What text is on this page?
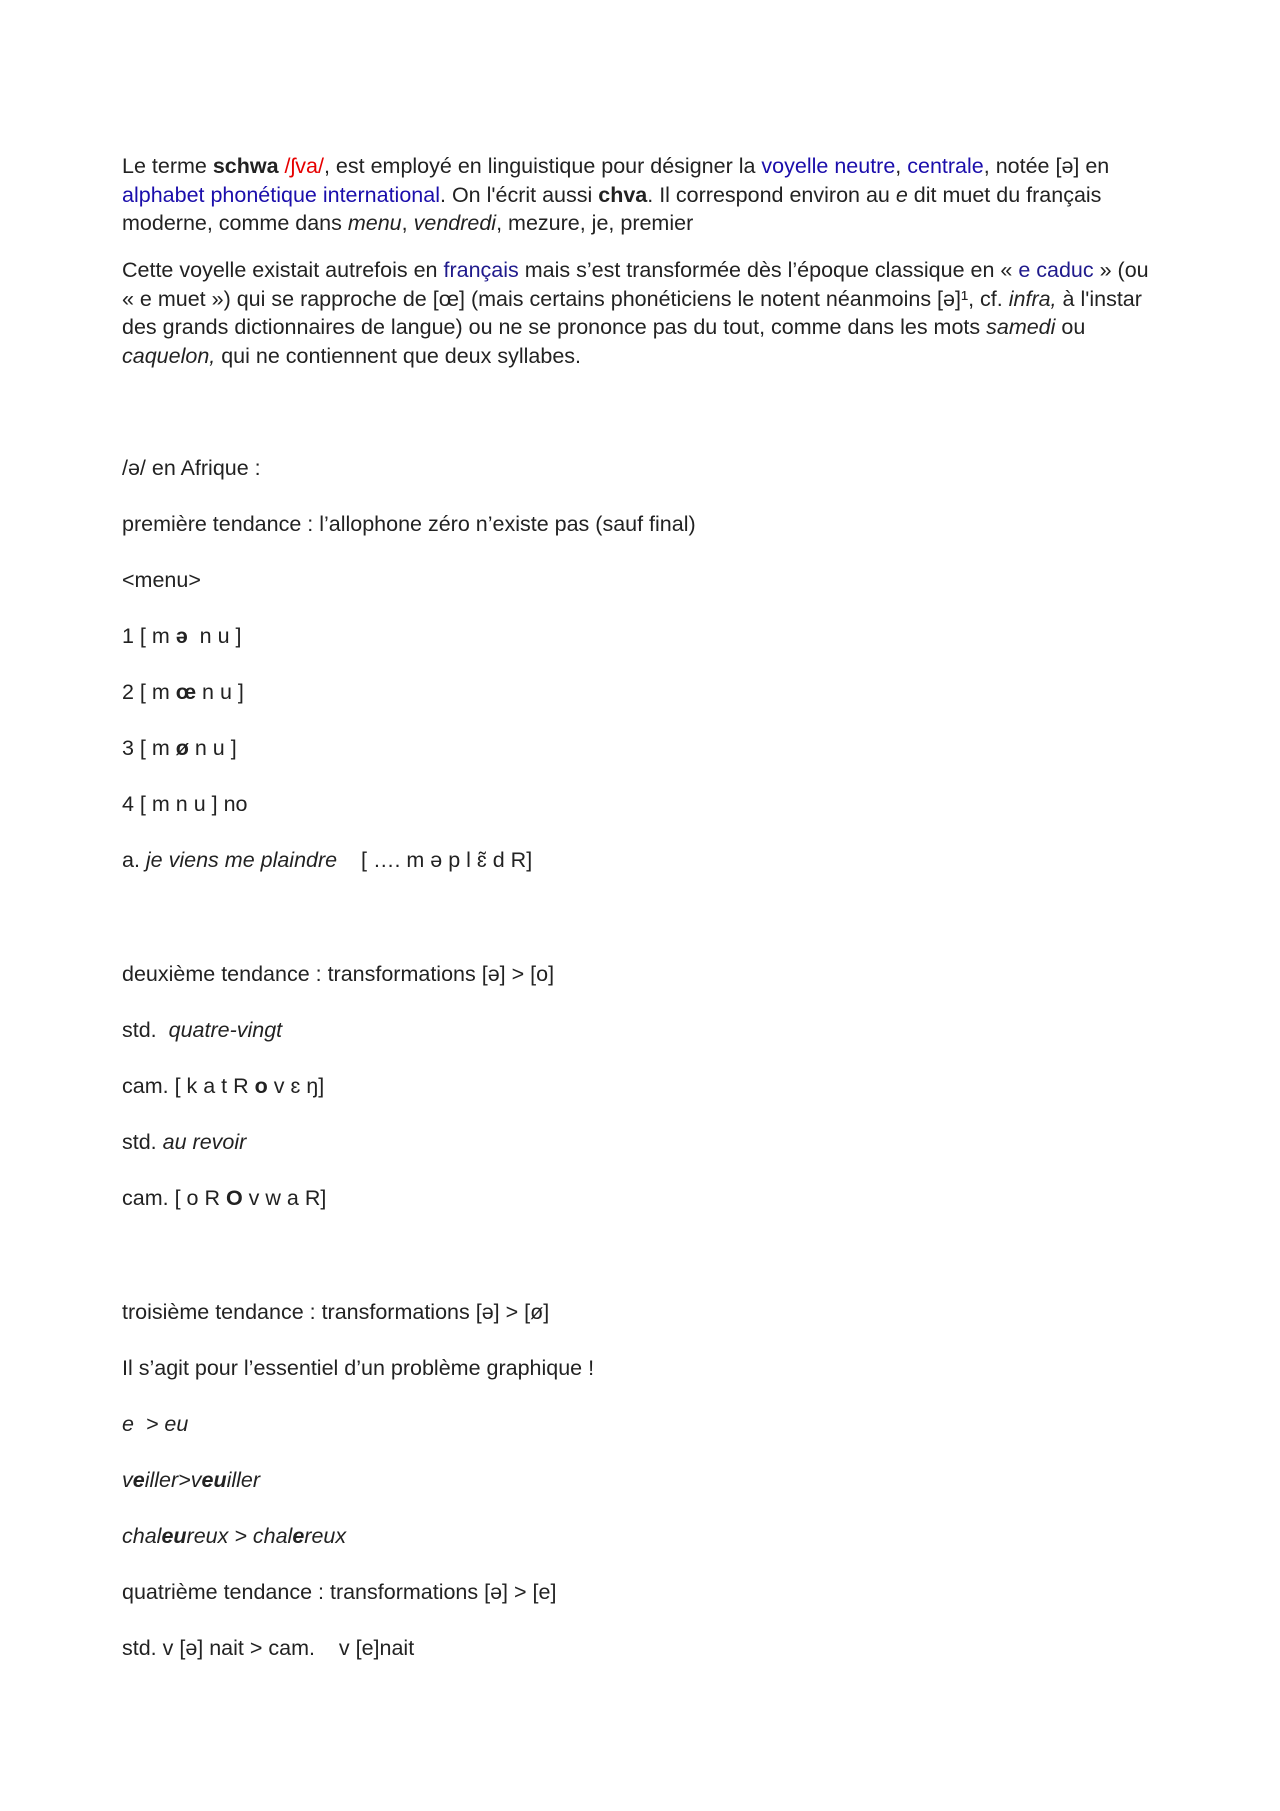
Le terme schwa /ʃva/, est employé en linguistique pour désigner la voyelle neutre, centrale, notée [ə] en alphabet phonétique international. On l'écrit aussi chva. Il correspond environ au e dit muet du français moderne, comme dans menu, vendredi, mezure, je, premier

Cette voyelle existait autrefois en français mais s’est transformée dès l’époque classique en « e caduc » (ou « e muet ») qui se rapproche de [œ] (mais certains phonéticiens le notent néanmoins [ə]¹, cf. infra, à l'instar des grands dictionnaires de langue) ou ne se prononce pas du tout, comme dans les mots samedi ou caquelon, qui ne contiennent que deux syllabes.

/ə/ en Afrique :
première tendance : l’allophone zéro n’existe pas (sauf final)
<menu>
1 [ m ə  n u ]
2 [ m œ n u ]
3 [ m ø n u ]
4 [ m n u ] no
a. je viens me plaindre    [ …. m ə p l ɛ̃ d R]
deuxième tendance : transformations [ə] > [o]
std.  quatre-vingt
cam. [ k a t R o v ɛ ŋ]
std. au revoir
cam. [ o R O v w a R]
troisième tendance : transformations [ə] > [ø]
Il s’agit pour l’essentiel d’un problème graphique !
e  > eu
veiller>veuiller
chaleureux > chalereux
quatrième tendance : transformations [ə] > [e]
std. v [ə] nait > cam.    v [e]nait
